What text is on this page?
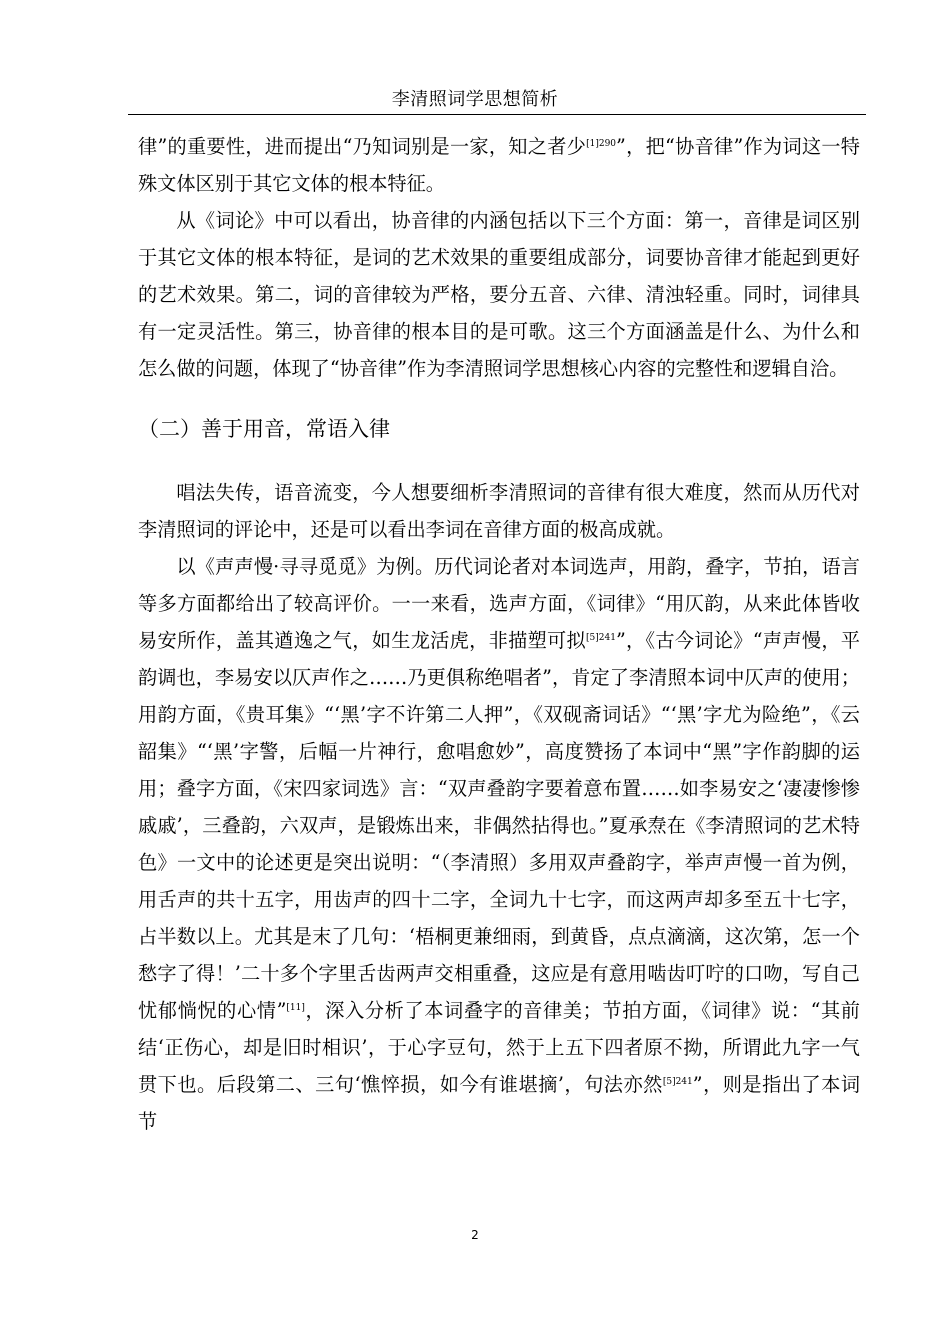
李清照词学思想简析

律”的重要性，进而提出“乃知词别是一家，知之者少$^{[1]290}$”，把“协音律”作为词这一特殊文体区别于其它文体的根本特征。

从《词论》中可以看出，协音律的内涵包括以下三个方面：第一，音律是词区别于其它文体的根本特征，是词的艺术效果的重要组成部分，词要协音律才能起到更好的艺术效果。第二，词的音律较为严格，要分五音、六律、清浊轻重。同时，词律具有一定灵活性。第三，协音律的根本目的是可歌。这三个方面涵盖是什么、为什么和怎么做的问题，体现了“协音律”作为李清照词学思想核心内容的完整性和逻辑自洽。

（二）善于用音，常语入律

唱法失传，语音流变，今人想要细析李清照词的音律有很大难度，然而从历代对李清照词的评论中，还是可以看出李词在音律方面的极高成就。

以《声声慢·寻寻觅觅》为例。历代词论者对本词选声，用韵，叠字，节拍，语言等多方面都给出了较高评价。一一来看，选声方面，《词律》“用仄韵，从来此体皆收易安所作，盖其遒逸之气，如生龙活虎，非描塑可拟$^{[5]241}$”，《古今词论》“声声慢，平韵调也，李易安以仄声作之……乃更俱称绝唱者”，肯定了李清照本词中仄声的使用；用韵方面，《贵耳集》“‘黑’字不许第二人押”，《双砚斋词话》“‘黑’字尤为险绝”，《云韶集》“‘黑’字警，后幅一片神行，愈唱愈妙”，高度赞扬了本词中“黑”字作韵脚的运用；叠字方面，《宋四家词选》言：“双声叠韵字要着意布置……如李易安之‘凄凄惨惨戚戚’，三叠韵，六双声，是锻炼出来，非偶然拈得也。”夏承焘在《李清照词的艺术特色》一文中的论述更是突出说明：“（李清照）多用双声叠韵字，举声声慢一首为例，用舌声的共十五字，用齿声的四十二字，全词九十七字，而这两声却多至五十七字，占半数以上。尤其是末了几句：‘梧桐更兼细雨，到黄昏，点点滴滴，这次第，怎一个愁字了得！’二十多个字里舌齿两声交相重叠，这应是有意用啮齿叮咛的口吻，写自己忧郁惝怳的心情”[11]，深入分析了本词叠字的音律美；节拍方面，《词律》说：“其前结‘正伤心，却是旧时相识’，于心字豆句，然于上五下四者原不拗，所谓此九字一气贯下也。后段第二、三句‘憔悴损，如今有谁堪摘’，句法亦然$^{[5]241}$”，则是指出了本词节

2
